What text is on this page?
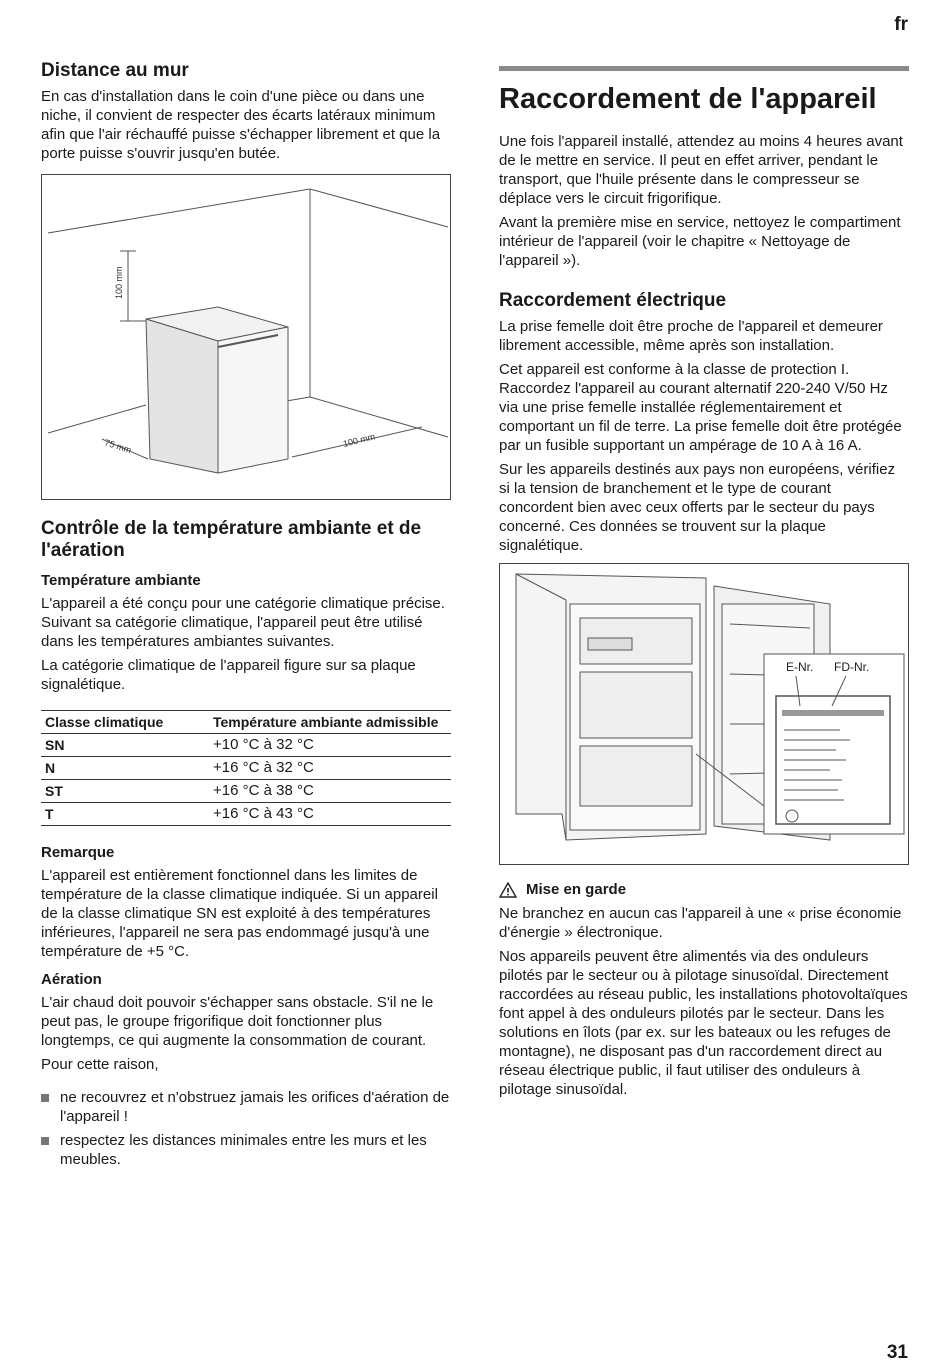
fr
Distance au mur

En cas d'installation dans le coin d'une pièce ou dans une niche, il convient de respecter des écarts latéraux minimum afin que l'air réchauffé puisse s'échapper librement et que la porte puisse s'ouvrir jusqu'en butée.

100 mm
75 mm	100 mm
Contrôle de la température ambiante et de l'aération
Température ambiante

L'appareil a été conçu pour une catégorie climatique précise. Suivant sa catégorie climatique, l'appareil peut être utilisé dans les températures ambiantes suivantes.

La catégorie climatique de l'appareil figure sur sa plaque signalétique.

Classe climatique	Température ambiante admissible
SN	+10 °C à 32 °C
N	+16 °C à 32 °C
ST	+16 °C à 38 °C
T	+16 °C à 43 °C
Remarque

L'appareil est entièrement fonctionnel dans les limites de température de la classe climatique indiquée. Si un appareil de la classe climatique SN est exploité à des températures inférieures, l'appareil ne sera pas endommagé jusqu'à une température de +5 °C.

Aération

L'air chaud doit pouvoir s'échapper sans obstacle. S'il ne le peut pas, le groupe frigorifique doit fonctionner plus longtemps, ce qui augmente la consommation de courant.

Pour cette raison,

ne recouvrez et n'obstruez jamais les orifices d'aération de l'appareil !
respectez les distances minimales entre les murs et les meubles.
Raccordement de l'appareil

Une fois l'appareil installé, attendez au moins 4 heures avant de le mettre en service. Il peut en effet arriver, pendant le transport, que l'huile présente dans le compresseur se déplace vers le circuit frigorifique.

Avant la première mise en service, nettoyez le compartiment intérieur de l'appareil (voir le chapitre « Nettoyage de l'appareil »).

Raccordement électrique

La prise femelle doit être proche de l'appareil et demeurer librement accessible, même après son installation.

Cet appareil est conforme à la classe de protection I. Raccordez l'appareil au courant alternatif 220-240 V/50 Hz via une prise femelle installée réglementairement et comportant un fil de terre. La prise femelle doit être protégée par un fusible supportant un ampérage de 10 A à 16 A.

Sur les appareils destinés aux pays non européens, vérifiez si la tension de branchement et le type de courant concordent bien avec ceux offerts par le secteur du pays concerné. Ces données se trouvent sur la plaque signalétique.

E-Nr. FD-Nr.
Mise en garde

Ne branchez en aucun cas l'appareil à une « prise économie d'énergie » électronique.

Nos appareils peuvent être alimentés via des onduleurs pilotés par le secteur ou à pilotage sinusoïdal. Directement raccordées au réseau public, les installations photovoltaïques font appel à des onduleurs pilotés par le secteur. Dans les solutions en îlots (par ex. sur les bateaux ou les refuges de montagne), ne disposant pas d'un raccordement direct au réseau électrique public, il faut utiliser des onduleurs à pilotage sinusoïdal.

31
